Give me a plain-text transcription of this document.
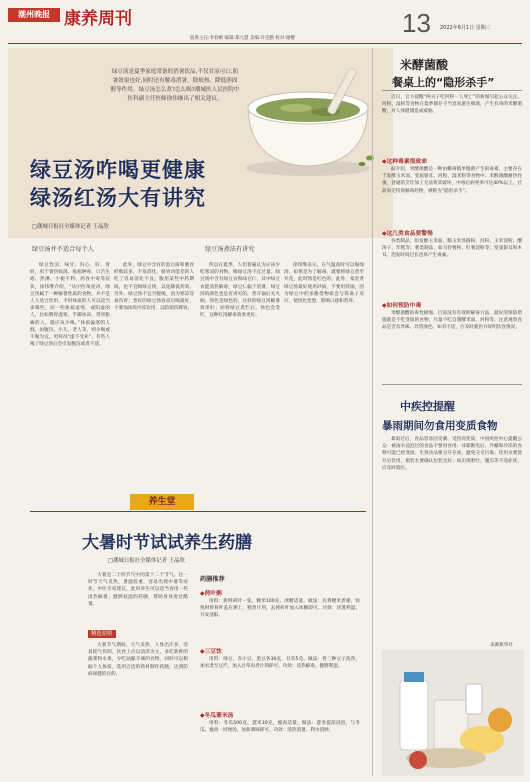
潮州晚报 康养周刊	13 2022年6月1日 星期三
值班主任:李春媚 编辑:郑元慧 美编:许克勤 校对:谢樱
绿豆汤是夏季家庭常备的消暑饮品,不仅甘凉可口,防暑效果也好,同时还有解毒消暑、除烦热、降低胆固醇等作用。绿豆汤怎么煮?怎么喝?潮城医人民医院中医科副主任医师徐伟继出了相关建议。
绿豆汤咋喝更健康
绿汤红汤大有讲究
□潮城日报社全媒体记者 王晶欣
绿豆汤并不适合每个人	绿豆汤煮法有讲究

绿豆性凉、味甘，归心、肝、胃经，用于暑热烦渴、疮痈肿毒、口舌生疮、热淋、小便不利、药食中毒等症状，徐伟继介绍，“从中医角度讲，绿豆汤属于一种解暑性质的食物，并不是人人适合饮用。平时体质的人可以适当多喝些，而一些体质虚寒，或阳虚的人，比如脾胃虚寒、手脚冰凉、常胃胀痛的人，就应该少喝。”体质偏寒的人群，如腹泻、小儿、老人等，则少喝或不喝为宜。更何况“虚不受补”，有些人喝了绿豆汤后会引发腹泻或者不适。

此外，绿豆中含有的蛋白质和膳食纤维较多，不易消化，肠胃功能差的人吃了容易消化不良。服用某些中药期间，也不宜喝绿豆汤，以免降低药效。另外，绿豆汤不宜空腹喝，因为寒凉容易伤胃；煮好的绿豆汤放凉后喝最好，不要加冰块冷冻饮用，以防损伤脾胃。

所以在夏季，人们普遍认为应该少吃寒凉的食物，喝绿豆汤不宜过量。绿豆汤中含有绿豆衣和绿豆仁，其中绿豆衣能清热解毒，绿豆仁偏于消暑。绿豆汤的颜色也是有讲究的，煮开锅后关火焖，汤色是绿色的，这样的绿豆汤解暑效果好；而将绿豆煮烂后，汤色会变红，这种红汤解毒效果更好。

徐伟继表示，在气温高时可以喝绿汤，如果是为了解毒，就要将绿豆煮至开花，此时汤是红色的。此外，家里煮绿豆汤最好使用砂锅，不要用铁锅，因为绿豆中的多酚类物质会与铁离子反应，使汤色变黑，影响口感和营养。

米酵菌酸
餐桌上的“隐形杀手”

近日，官方提醒“两夫子吃河粉一人死亡”的新闻引起公众关注。河粉、湿粉等食物在夏季储存不当容易滋生细菌，产生有毒的米酵菌酸，对人体健康造成威胁。

◆这种毒素很致命

据介绍，米酵菌酸是一种由椰毒假单胞菌产生的毒素，主要存在于发酵玉米面、变质银耳、河粉、湿米粉等食物中。米酵菌酸耐热性强，普通的烹饪加工无法将其破坏，中毒后病死率可达40%以上，目前尚无特效解毒药物，被称为“隐形杀手”。

◆这几类食品要警惕

谷类制品，如发酵玉米面、糯玉米汤圆粉、河粉、玉米淀粉、酸汤子、年糕等；薯类制品，如马铃薯粉、红薯淀粉等；变质银耳和木耳，泡发时间过长也易产生毒素。

◆如何预防中毒

米酵菌酸的毒性极强，目前没有有效的解毒方法，最好的预防措施就是不吃变质的食物，尽量不吃自制酵米面、河粉等，注意观察食品是否有异味、异常颜色。如有不适，应及时就医并说明饮食情况。

中疾控提醒
暴雨期间勿食用变质食物

暴雨过后，食品容易因受潮、受热而变质，中国疾控中心提醒公众：被雨水浸泡过的食品不要再食用；冰箱断电后，冷藏和冷冻的食物可能已经变质；生熟食品要分开存放，避免交叉污染；饮用水要烧开后饮用，瓶装水要确认包装完好；如出现呕吐、腹泻等不适症状，应及时就医。

来源新华社
养生堂
大暑时节试试养生药膳
□潮城日报社全媒体记者 王晶欣

大暑是二十四节气中的第十二个节气。这一时节天气炎热，暑湿较重，容易出现中暑等症状。中医专家建议，此时养生可以适当食用一些清热解暑、健脾祛湿的药膳，帮助身体度过酷暑。

精选原则

大暑节气期间，天气炎热，人体出汗多，容易耗气伤阴，饮食上应以清淡为主，多吃新鲜的蔬菜和水果，少吃油腻辛辣的食物。同时可以根据个人体质，选用合适的药材制作药膳，达到防病保健的目的。

药膳推荐
◆荷叶粥

用料：新鲜荷叶一张，粳米100克，冰糖适量。做法：先将粳米煮粥，快熟时将荷叶盖在粥上，稍煮片刻，去掉荷叶加入冰糖即可。功效：清暑利湿、升发清阳。

◆三豆饮

用料：绿豆、赤小豆、黑豆各30克，甘草5克。做法：将三种豆子洗净，加水煮至豆烂，加入甘草再煮片刻即可。功效：清热解毒、健脾利湿。

◆冬瓜薏米汤

用料：冬瓜500克，薏米30克，瘦肉适量。做法：薏米提前浸泡，与冬瓜、瘦肉一同煲汤，加盐调味即可。功效：清热消暑、利水消肿。
